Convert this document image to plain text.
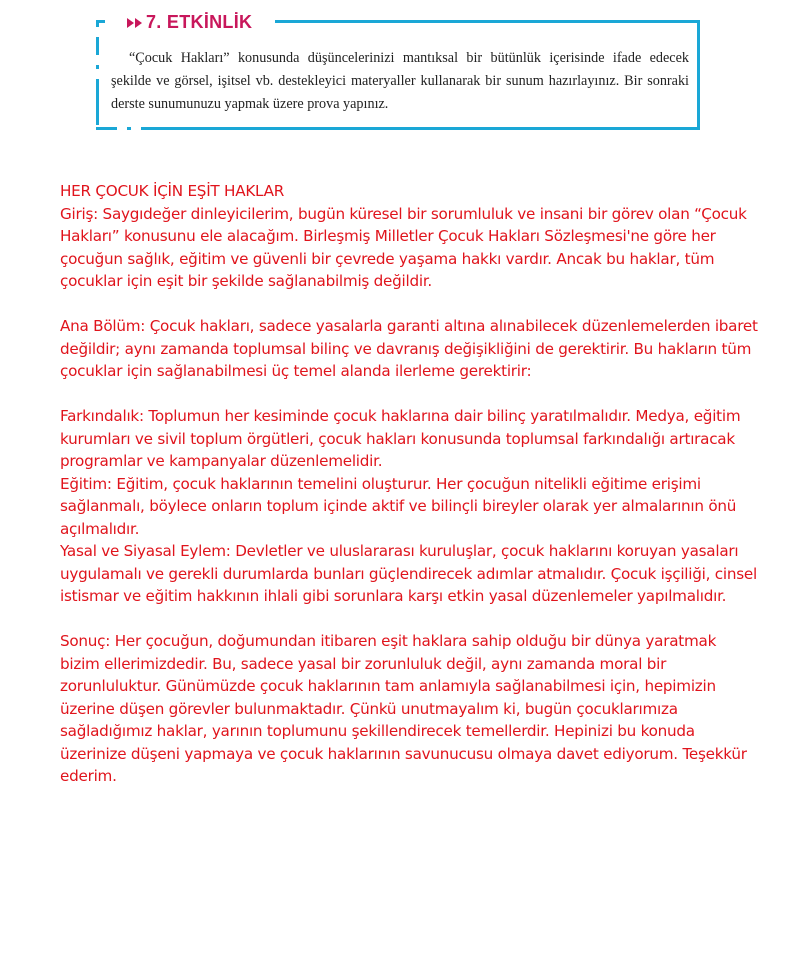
7. ETKİNLİK

“Çocuk Hakları” konusunda düşüncelerinizi mantıksal bir bütünlük içerisinde ifade edecek şekilde ve görsel, işitsel vb. destekleyici materyaller kullanarak bir sunum hazırlayınız. Bir sonraki derste sunumunuzu yapmak üzere prova yapınız.

HER ÇOCUK İÇİN EŞİT HAKLAR

Giriş: Saygıdeğer dinleyicilerim, bugün küresel bir sorumluluk ve insani bir görev olan “Çocuk Hakları” konusunu ele alacağım. Birleşmiş Milletler Çocuk Hakları Sözleşmesi'ne göre her çocuğun sağlık, eğitim ve güvenli bir çevrede yaşama hakkı vardır. Ancak bu haklar, tüm çocuklar için eşit bir şekilde sağlanabilmiş değildir.

Ana Bölüm: Çocuk hakları, sadece yasalarla garanti altına alınabilecek düzenlemelerden ibaret değildir; aynı zamanda toplumsal bilinç ve davranış değişikliğini de gerektirir. Bu hakların tüm çocuklar için sağlanabilmesi üç temel alanda ilerleme gerektirir:

Farkındalık: Toplumun her kesiminde çocuk haklarına dair bilinç yaratılmalıdır. Medya, eğitim kurumları ve sivil toplum örgütleri, çocuk hakları konusunda toplumsal farkındalığı artıracak programlar ve kampanyalar düzenlemelidir.

Eğitim: Eğitim, çocuk haklarının temelini oluşturur. Her çocuğun nitelikli eğitime erişimi sağlanmalı, böylece onların toplum içinde aktif ve bilinçli bireyler olarak yer almalarının önü açılmalıdır.

Yasal ve Siyasal Eylem: Devletler ve uluslararası kuruluşlar, çocuk haklarını koruyan yasaları uygulamalı ve gerekli durumlarda bunları güçlendirecek adımlar atmalıdır. Çocuk işçiliği, cinsel istismar ve eğitim hakkının ihlali gibi sorunlara karşı etkin yasal düzenlemeler yapılmalıdır.

Sonuç: Her çocuğun, doğumundan itibaren eşit haklara sahip olduğu bir dünya yaratmak bizim ellerimizdedir. Bu, sadece yasal bir zorunluluk değil, aynı zamanda moral bir zorunluluktur. Günümüzde çocuk haklarının tam anlamıyla sağlanabilmesi için, hepimizin üzerine düşen görevler bulunmaktadır. Çünkü unutmayalım ki, bugün çocuklarımıza sağladığımız haklar, yarının toplumunu şekillendirecek temellerdir. Hepinizi bu konuda üzerinize düşeni yapmaya ve çocuk haklarının savunucusu olmaya davet ediyorum. Teşekkür ederim.
